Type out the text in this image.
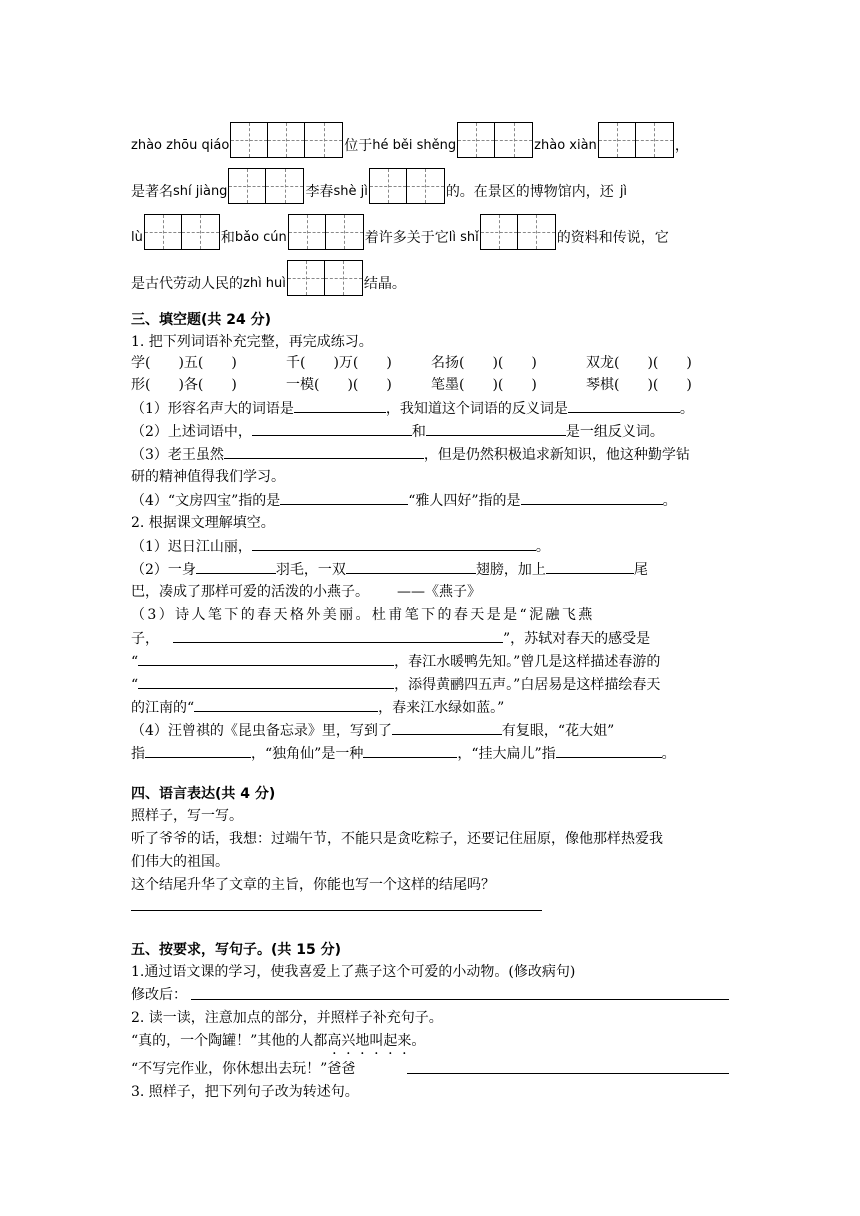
zhào zhōu qiáo	位于hé běi shěng	zhào xiàn	，
是著名shí jiàng	李春shè jì	的。在景区的博物馆内，还 jì
lù	和bǎo cún	着许多关于它lì shǐ	的资料和传说，它
是古代劳动人民的zhì huì	结晶。
三、填空题(共 24 分)
1. 把下列词语补充完整，再完成练习。
学(　　)五(　　)	千(　　)万(　　)	名扬(　　)(　　)	双龙(　　)(　　)
形(　　)各(　　)	一模(　　)(　　)	笔墨(　　)(　　)	琴棋(　　)(　　)
（1）形容名声大的词语是	，我知道这个词语的反义词是	。
（2）上述词语中，	和	是一组反义词。
（3）老王虽然	，但是仍然积极追求新知识，他这种勤学钻
研的精神值得我们学习。
（4）“文房四宝”指的是	“雅人四好”指的是	。
2. 根据课文理解填空。
（1）迟日江山丽，	。
（2）一身	羽毛，一双	翅膀，加上	尾
巴，凑成了那样可爱的活泼的小燕子。 ——《燕子》
（3）诗人笔下的春天格外美丽。杜甫笔下的春天是是“泥融飞燕
子，	”，苏轼对春天的感受是
“	，春江水暖鸭先知。”曾几是这样描述春游的
“	，添得黄鹂四五声。”白居易是这样描绘春天
的江南的“	，春来江水绿如蓝。”
（4）汪曾祺的《昆虫备忘录》里，写到了	有复眼，“花大姐”
指	，“独角仙”是一种	，“挂大扁儿”指	。
四、语言表达(共 4 分)
照样子，写一写。
听了爷爷的话，我想：过端午节，不能只是贪吃粽子，还要记住屈原，像他那样热爱我
们伟大的祖国。
这个结尾升华了文章的主旨，你能也写一个这样的结尾吗？
五、按要求，写句子。(共 15 分)
1.通过语文课的学习，使我喜爱上了燕子这个可爱的小动物。(修改病句)
修改后：
2. 读一读，注意加点的部分，并照样子补充句子。
“真的，一个陶罐！”其他的人都高兴地叫起来。
“不写完作业，你休想出去玩！”爸爸
3. 照样子，把下列句子改为转述句。
